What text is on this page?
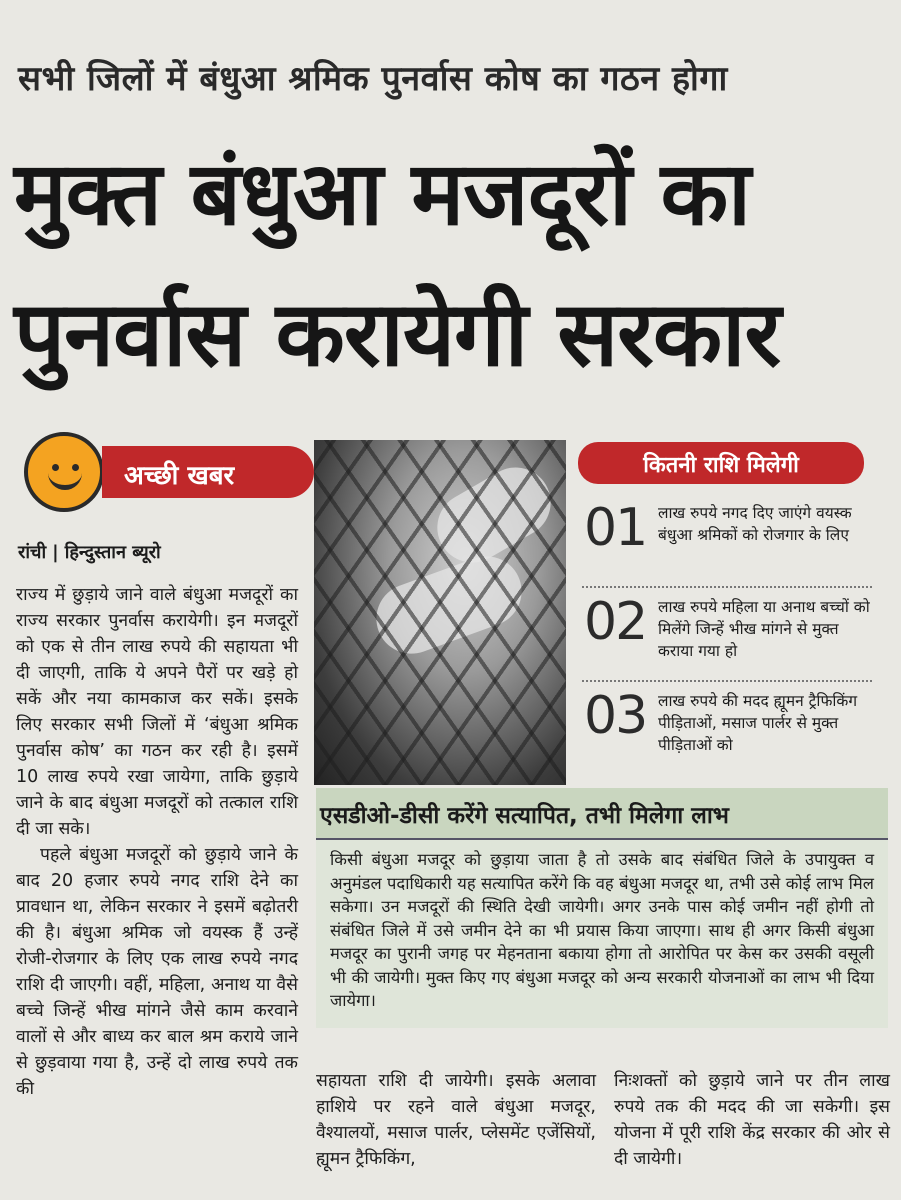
सभी जिलों में बंधुआ श्रमिक पुनर्वास कोष का गठन होगा
मुक्त बंधुआ मजदूरों का
पुनर्वास करायेगी सरकार
अच्छी खबर
रांची | हिन्दुस्तान ब्यूरो

राज्य में छुड़ाये जाने वाले बंधुआ मजदूरों का राज्य सरकार पुनर्वास करायेगी। इन मजदूरों को एक से तीन लाख रुपये की सहायता भी दी जाएगी, ताकि ये अपने पैरों पर खड़े हो सकें और नया कामकाज कर सकें। इसके लिए सरकार सभी जिलों में ‘बंधुआ श्रमिक पुनर्वास कोष’ का गठन कर रही है। इसमें 10 लाख रुपये रखा जायेगा, ताकि छुड़ाये जाने के बाद बंधुआ मजदूरों को तत्काल राशि दी जा सके।

पहले बंधुआ मजदूरों को छुड़ाये जाने के बाद 20 हजार रुपये नगद राशि देने का प्रावधान था, लेकिन सरकार ने इसमें बढ़ोतरी की है। बंधुआ श्रमिक जो वयस्क हैं उन्हें रोजी-रोजगार के लिए एक लाख रुपये नगद राशि दी जाएगी। वहीं, महिला, अनाथ या वैसे बच्चे जिन्हें भीख मांगने जैसे काम करवाने वालों से और बाध्य कर बाल श्रम कराये जाने से छुड़वाया गया है, उन्हें दो लाख रुपये तक की

कितनी राशि मिलेगी
01 लाख रुपये नगद दिए जाएंगे वयस्क बंधुआ श्रमिकों को रोजगार के लिए
02 लाख रुपये महिला या अनाथ बच्चों को मिलेंगे जिन्हें भीख मांगने से मुक्त कराया गया हो
03 लाख रुपये की मदद ह्यूमन ट्रैफिकिंग पीड़िताओं, मसाज पार्लर से मुक्त पीड़िताओं को
एसडीओ-डीसी करेंगे सत्यापित, तभी मिलेगा लाभ
किसी बंधुआ मजदूर को छुड़ाया जाता है तो उसके बाद संबंधित जिले के उपायुक्त व अनुमंडल पदाधिकारी यह सत्यापित करेंगे कि वह बंधुआ मजदूर था, तभी उसे कोई लाभ मिल सकेगा। उन मजदूरों की स्थिति देखी जायेगी। अगर उनके पास कोई जमीन नहीं होगी तो संबंधित जिले में उसे जमीन देने का भी प्रयास किया जाएगा। साथ ही अगर किसी बंधुआ मजदूर का पुरानी जगह पर मेहनताना बकाया होगा तो आरोपित पर केस कर उसकी वसूली भी की जायेगी। मुक्त किए गए बंधुआ मजदूर को अन्य सरकारी योजनाओं का लाभ भी दिया जायेगा।
सहायता राशि दी जायेगी। इसके अलावा हाशिये पर रहने वाले बंधुआ मजदूर, वैश्यालयों, मसाज पार्लर, प्लेसमेंट एजेंसियों, ह्यूमन ट्रैफिकिंग,
निःशक्तों को छुड़ाये जाने पर तीन लाख रुपये तक की मदद की जा सकेगी। इस योजना में पूरी राशि केंद्र सरकार की ओर से दी जायेगी।
